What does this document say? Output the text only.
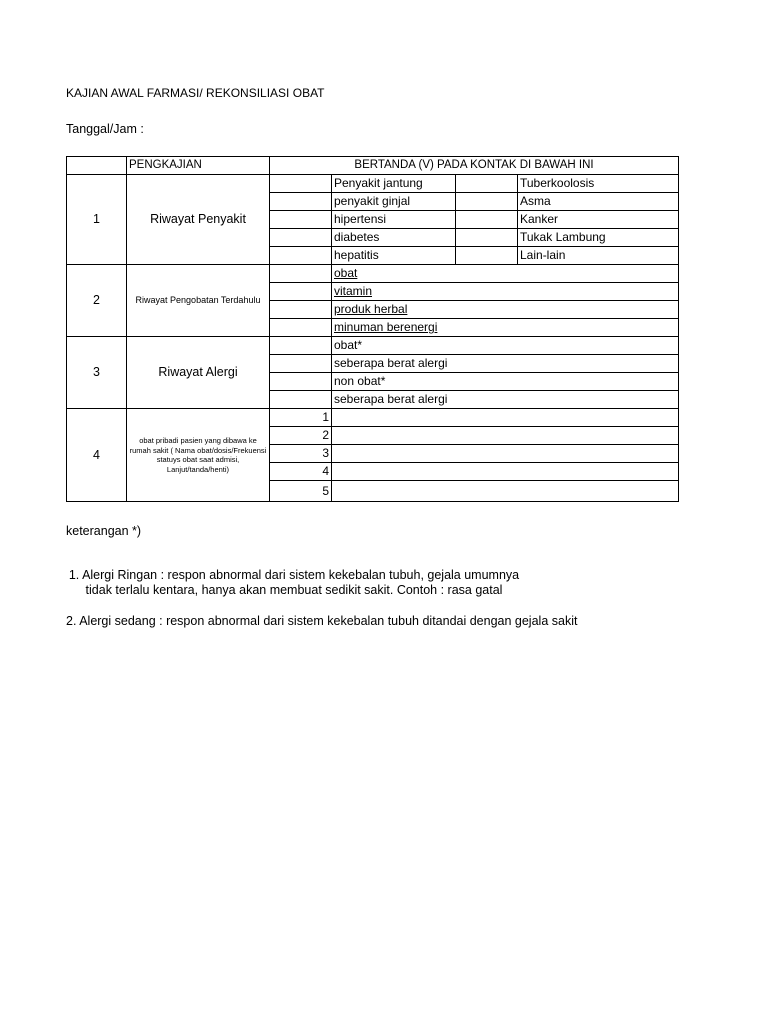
KAJIAN AWAL FARMASI/ REKONSILIASI OBAT
Tanggal/Jam :
	PENGKAJIAN	BERTANDA (V) PADA KONTAK DI BAWAH INI			
1	Riwayat Penyakit		Penyakit jantung		Tuberkoolosis
			penyakit ginjal		Asma
			hipertensi		Kanker
			diabetes		Tukak Lambung
			hepatitis		Lain-lain
2	Riwayat Pengobatan Terdahulu		obat		
			vitamin		
			produk herbal		
			minuman berenergi		
3	Riwayat Alergi		obat*		
			seberapa berat alergi		
			non obat*		
			seberapa berat alergi		
4	obat pribadi pasien yang dibawa ke rumah sakit ( Nama obat/dosis/Frekuensi statuys obat saat admisi, Lanjut/tanda/henti)	1			
		2			
		3			
		4			
		5			
keterangan *)
1. Alergi Ringan : respon abnormal dari sistem kekebalan tubuh, gejala umumnya tidak terlalu kentara, hanya akan membuat sedikit sakit. Contoh : rasa gatal
2. Alergi sedang : respon abnormal dari sistem kekebalan tubuh ditandai dengan gejala sakit
